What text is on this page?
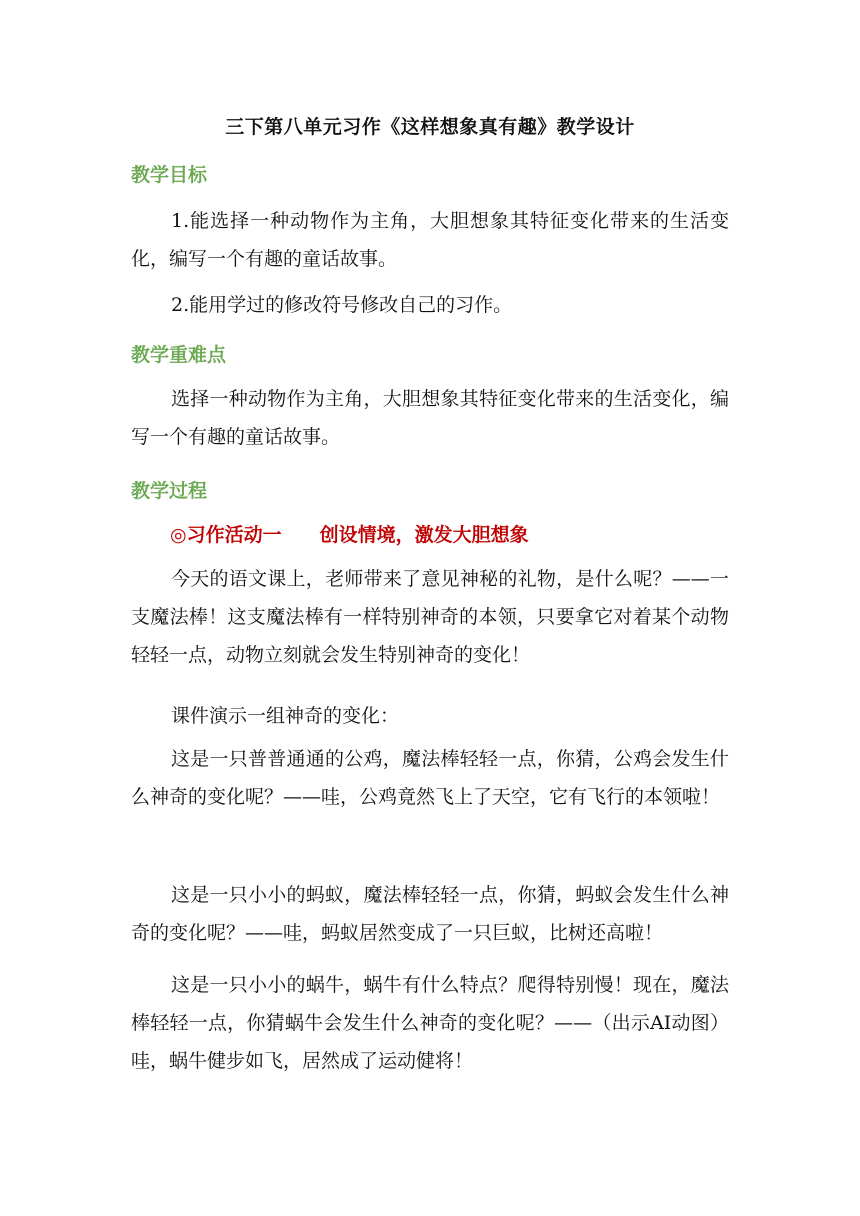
三下第八单元习作《这样想象真有趣》教学设计
教学目标

1.能选择一种动物作为主角，大胆想象其特征变化带来的生活变化，编写一个有趣的童话故事。

2.能用学过的修改符号修改自己的习作。

教学重难点

选择一种动物作为主角，大胆想象其特征变化带来的生活变化，编写一个有趣的童话故事。

教学过程
◎习作活动一　　创设情境，激发大胆想象

今天的语文课上，老师带来了意见神秘的礼物，是什么呢？——一支魔法棒！这支魔法棒有一样特别神奇的本领，只要拿它对着某个动物轻轻一点，动物立刻就会发生特别神奇的变化！

课件演示一组神奇的变化：

这是一只普普通通的公鸡，魔法棒轻轻一点，你猜，公鸡会发生什么神奇的变化呢？——哇，公鸡竟然飞上了天空，它有飞行的本领啦！

这是一只小小的蚂蚁，魔法棒轻轻一点，你猜，蚂蚁会发生什么神奇的变化呢？——哇，蚂蚁居然变成了一只巨蚁，比树还高啦！

这是一只小小的蜗牛，蜗牛有什么特点？爬得特别慢！现在，魔法棒轻轻一点，你猜蜗牛会发生什么神奇的变化呢？——（出示AI动图）哇，蜗牛健步如飞，居然成了运动健将！
